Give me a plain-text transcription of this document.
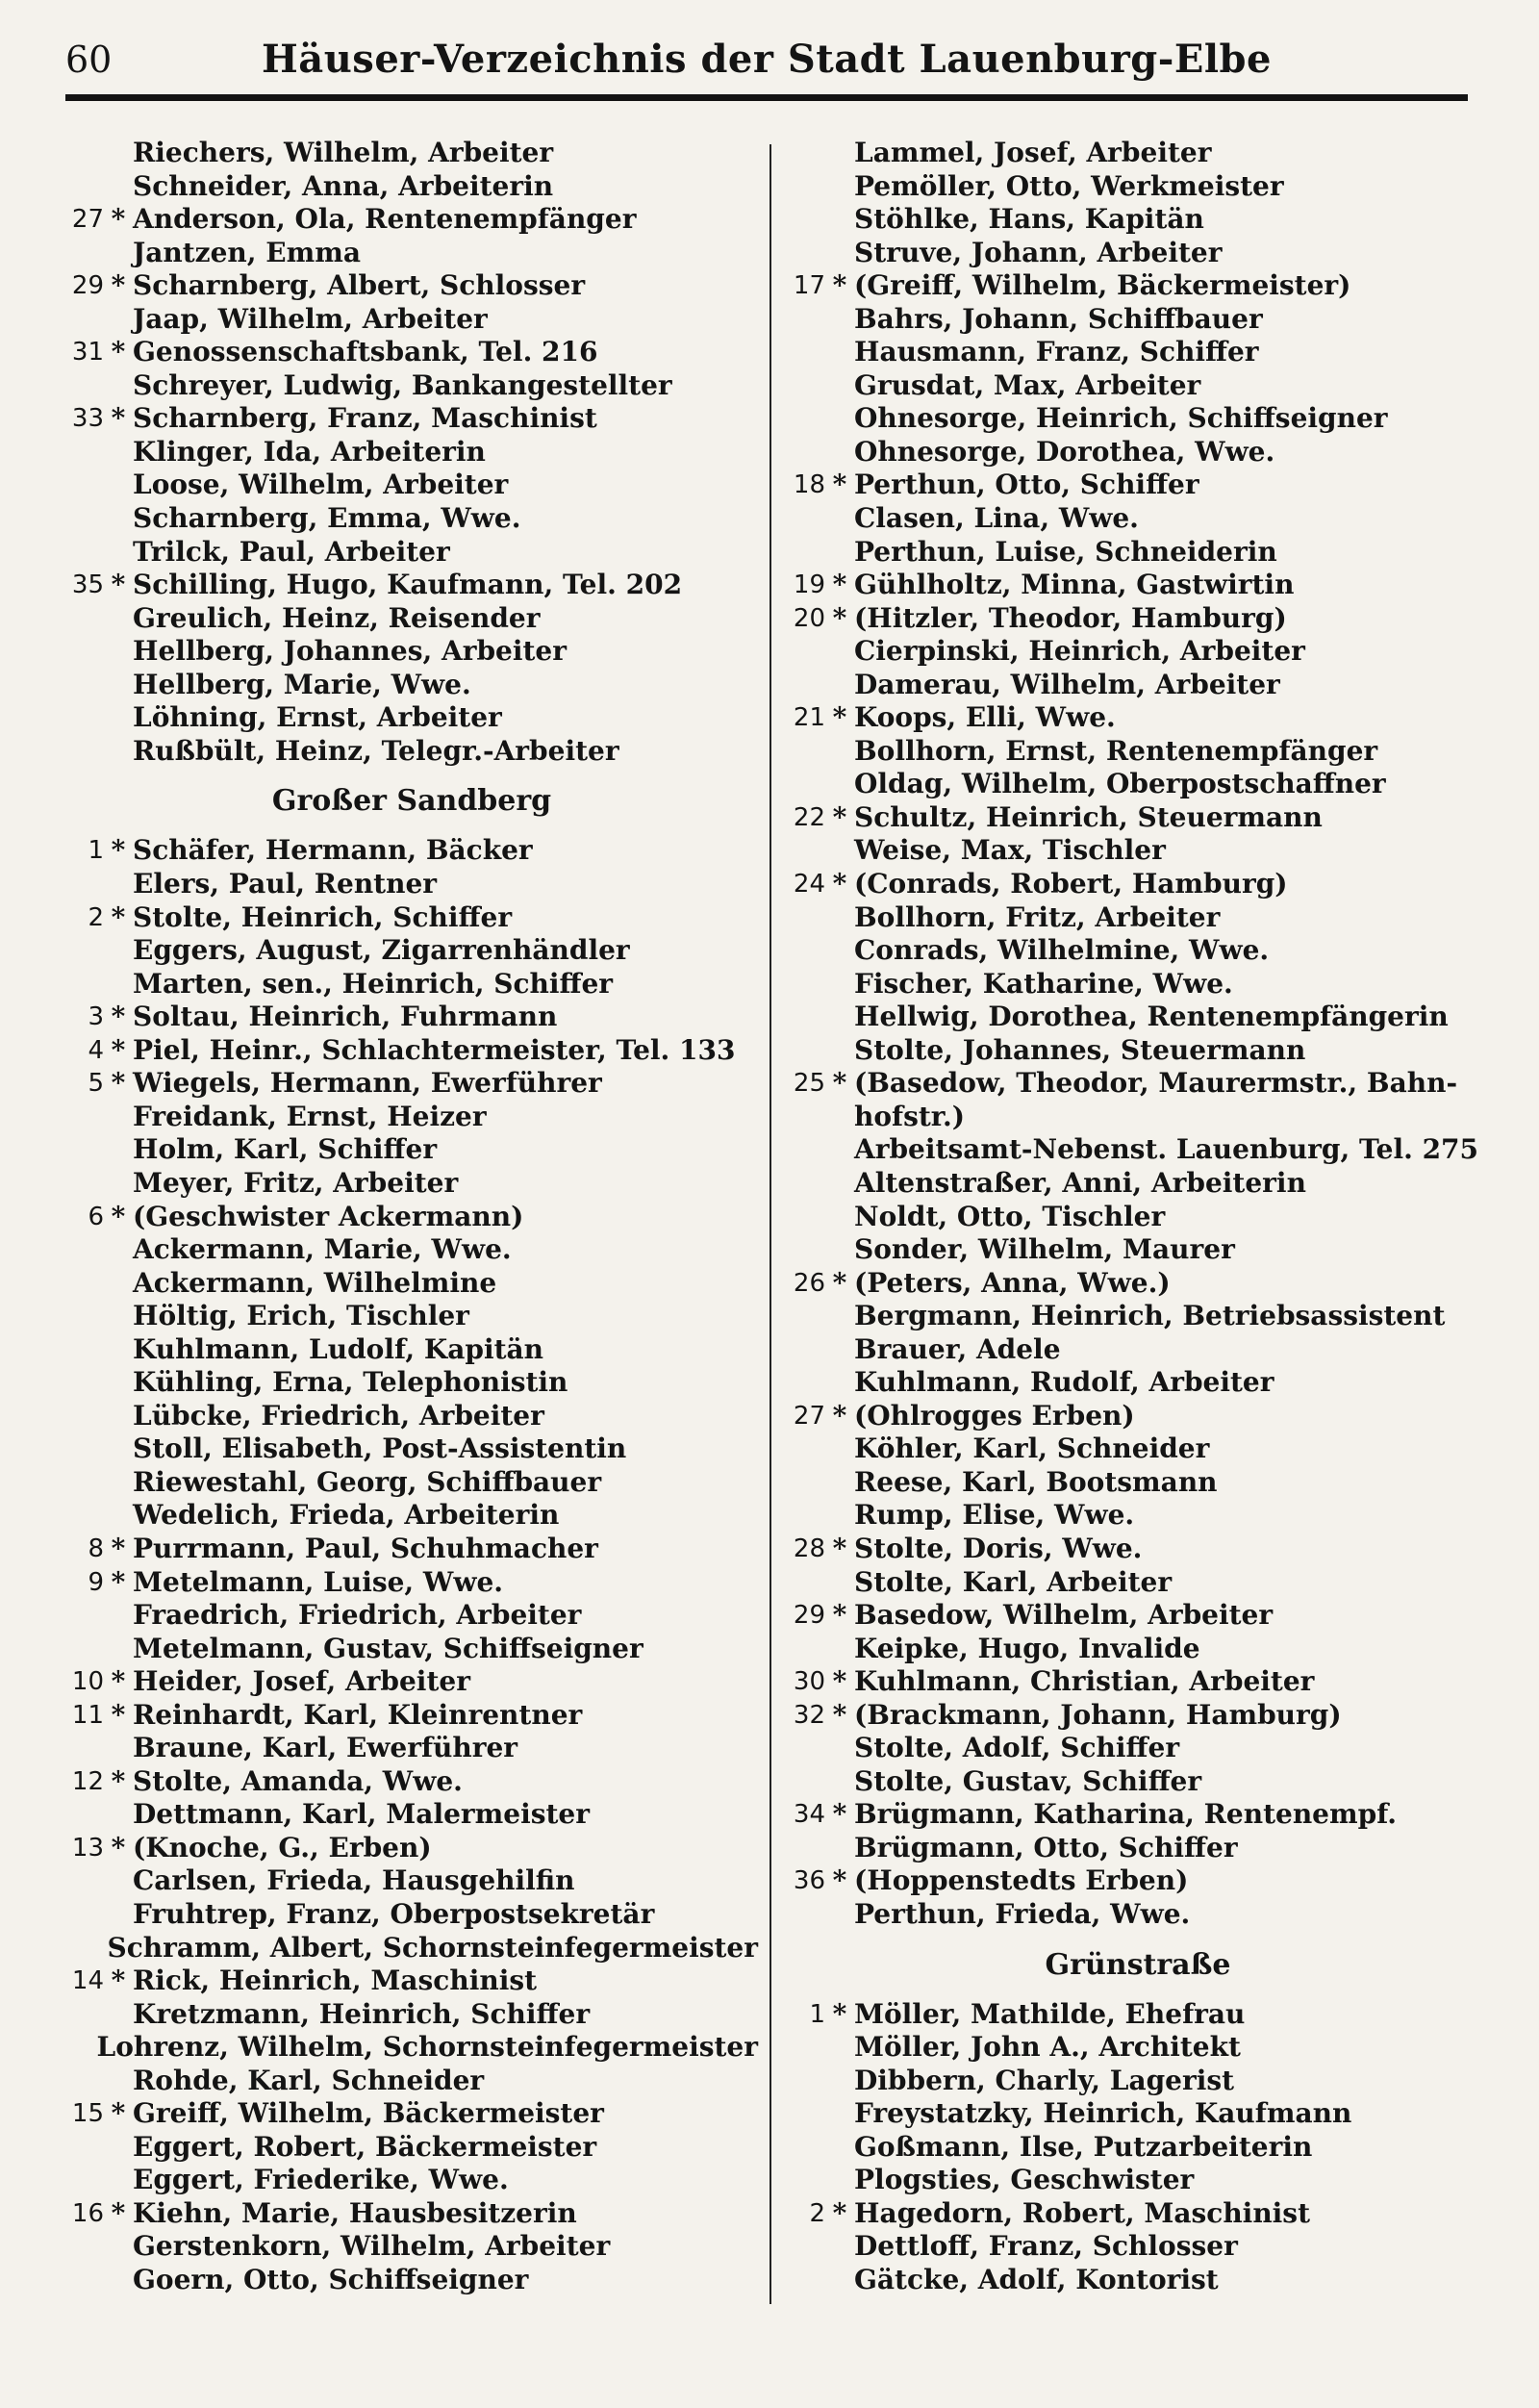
60	Häuser-Verzeichnis der Stadt Lauenburg-Elbe
Riechers, Wilhelm, Arbeiter
Schneider, Anna, Arbeiterin
27 * Anderson, Ola, Rentenempfänger
Jantzen, Emma
29 * Scharnberg, Albert, Schlosser
Jaap, Wilhelm, Arbeiter
31 * Genossenschaftsbank, Tel. 216
Schreyer, Ludwig, Bankangestellter
33 * Scharnberg, Franz, Maschinist
Klinger, Ida, Arbeiterin
Loose, Wilhelm, Arbeiter
Scharnberg, Emma, Wwe.
Trilck, Paul, Arbeiter
35 * Schilling, Hugo, Kaufmann, Tel. 202
Greulich, Heinz, Reisender
Hellberg, Johannes, Arbeiter
Hellberg, Marie, Wwe.
Löhning, Ernst, Arbeiter
Rußbült, Heinz, Telegr.-Arbeiter
Großer Sandberg
1 * Schäfer, Hermann, Bäcker
Elers, Paul, Rentner
2 * Stolte, Heinrich, Schiffer
Eggers, August, Zigarrenhändler
Marten, sen., Heinrich, Schiffer
3 * Soltau, Heinrich, Fuhrmann
4 * Piel, Heinr., Schlachtermeister, Tel. 133
5 * Wiegels, Hermann, Ewerführer
Freidank, Ernst, Heizer
Holm, Karl, Schiffer
Meyer, Fritz, Arbeiter
6 * (Geschwister Ackermann)
Ackermann, Marie, Wwe.
Ackermann, Wilhelmine
Höltig, Erich, Tischler
Kuhlmann, Ludolf, Kapitän
Kühling, Erna, Telephonistin
Lübcke, Friedrich, Arbeiter
Stoll, Elisabeth, Post-Assistentin
Riewestahl, Georg, Schiffbauer
Wedelich, Frieda, Arbeiterin
8 * Purrmann, Paul, Schuhmacher
9 * Metelmann, Luise, Wwe.
Fraedrich, Friedrich, Arbeiter
Metelmann, Gustav, Schiffseigner
10 * Heider, Josef, Arbeiter
11 * Reinhardt, Karl, Kleinrentner
Braune, Karl, Ewerführer
12 * Stolte, Amanda, Wwe.
Dettmann, Karl, Malermeister
13 * (Knoche, G., Erben)
Carlsen, Frieda, Hausgehilfin
Fruhtrep, Franz, Oberpostsekretär
Schramm, Albert, Schornsteinfegermeister
14 * Rick, Heinrich, Maschinist
Kretzmann, Heinrich, Schiffer
Lohrenz, Wilhelm, Schornsteinfegermeister
Rohde, Karl, Schneider
15 * Greiff, Wilhelm, Bäckermeister
Eggert, Robert, Bäckermeister
Eggert, Friederike, Wwe.
16 * Kiehn, Marie, Hausbesitzerin
Gerstenkorn, Wilhelm, Arbeiter
Goern, Otto, Schiffseigner
Lammel, Josef, Arbeiter
Pemöller, Otto, Werkmeister
Stöhlke, Hans, Kapitän
Struve, Johann, Arbeiter
17 * (Greiff, Wilhelm, Bäckermeister)
Bahrs, Johann, Schiffbauer
Hausmann, Franz, Schiffer
Grusdat, Max, Arbeiter
Ohnesorge, Heinrich, Schiffseigner
Ohnesorge, Dorothea, Wwe.
18 * Perthun, Otto, Schiffer
Clasen, Lina, Wwe.
Perthun, Luise, Schneiderin
19 * Gühlholtz, Minna, Gastwirtin
20 * (Hitzler, Theodor, Hamburg)
Cierpinski, Heinrich, Arbeiter
Damerau, Wilhelm, Arbeiter
21 * Koops, Elli, Wwe.
Bollhorn, Ernst, Rentenempfänger
Oldag, Wilhelm, Oberpostschaffner
22 * Schultz, Heinrich, Steuermann
Weise, Max, Tischler
24 * (Conrads, Robert, Hamburg)
Bollhorn, Fritz, Arbeiter
Conrads, Wilhelmine, Wwe.
Fischer, Katharine, Wwe.
Hellwig, Dorothea, Rentenempfängerin
Stolte, Johannes, Steuermann
25 * (Basedow, Theodor, Maurermstr., Bahn-
hofstr.)
Arbeitsamt-Nebenst. Lauenburg, Tel. 275
Altenstraßer, Anni, Arbeiterin
Noldt, Otto, Tischler
Sonder, Wilhelm, Maurer
26 * (Peters, Anna, Wwe.)
Bergmann, Heinrich, Betriebsassistent
Brauer, Adele
Kuhlmann, Rudolf, Arbeiter
27 * (Ohlrogges Erben)
Köhler, Karl, Schneider
Reese, Karl, Bootsmann
Rump, Elise, Wwe.
28 * Stolte, Doris, Wwe.
Stolte, Karl, Arbeiter
29 * Basedow, Wilhelm, Arbeiter
Keipke, Hugo, Invalide
30 * Kuhlmann, Christian, Arbeiter
32 * (Brackmann, Johann, Hamburg)
Stolte, Adolf, Schiffer
Stolte, Gustav, Schiffer
34 * Brügmann, Katharina, Rentenempf.
Brügmann, Otto, Schiffer
36 * (Hoppenstedts Erben)
Perthun, Frieda, Wwe.
Grünstraße
1 * Möller, Mathilde, Ehefrau
Möller, John A., Architekt
Dibbern, Charly, Lagerist
Freystatzky, Heinrich, Kaufmann
Goßmann, Ilse, Putzarbeiterin
Plogsties, Geschwister
2 * Hagedorn, Robert, Maschinist
Dettloff, Franz, Schlosser
Gätcke, Adolf, Kontorist
